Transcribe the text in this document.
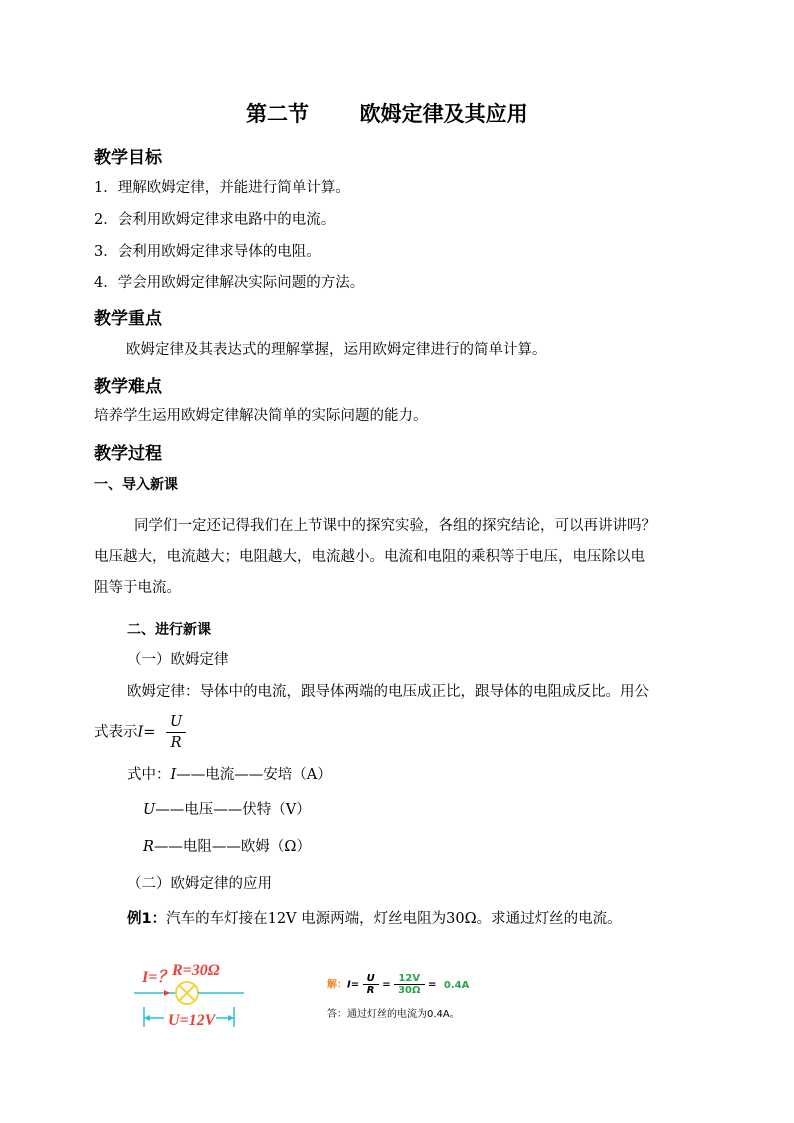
第二节 欧姆定律及其应用
教学目标
1．理解欧姆定律，并能进行简单计算。
2．会利用欧姆定律求电路中的电流。
3．会利用欧姆定律求导体的电阻。
4．学会用欧姆定律解决实际问题的方法。
教学重点
欧姆定律及其表达式的理解掌握，运用欧姆定律进行的简单计算。
教学难点
培养学生运用欧姆定律解决简单的实际问题的能力。
教学过程
一、导入新课
同学们一定还记得我们在上节课中的探究实验，各组的探究结论，可以再讲讲吗？
电压越大，电流越大；电阻越大，电流越小。电流和电阻的乘积等于电压，电压除以电
阻等于电流。
二、进行新课
（一）欧姆定律
欧姆定律：导体中的电流，跟导体两端的电压成正比，跟导体的电阻成反比。用公
式表示$I= \frac{U}{R}$
式中：I——电流——安培（A）
U——电压——伏特（V）
R——电阻——欧姆（Ω）
（二）欧姆定律的应用
例1：汽车的车灯接在12V 电源两端，灯丝电阻为30Ω。求通过灯丝的电流。
I=？
R=30Ω
U=12V
解：$I= \frac{U}{R} = \frac{12V}{30\Omega} = 0.4A$
答：通过灯丝的电流为0.4A。
